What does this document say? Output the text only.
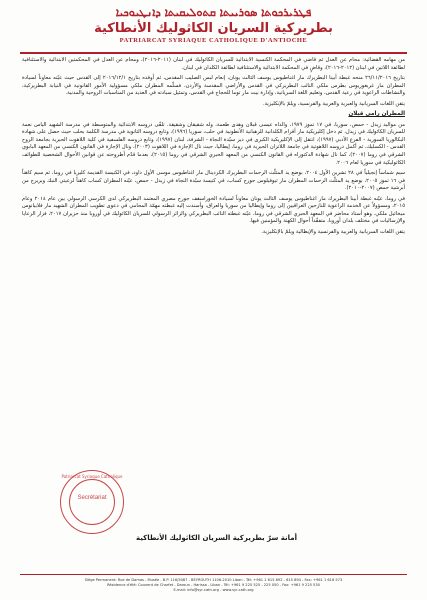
ܦܛܪܝܪܟܘܬܐ ܣܘܪܝܝܬܐ ܩܬܘܠܝܩܝܬܐ ܕܐܢܛܝܘܟܝܐ
بطريركية السريان الكاثوليك الأنطاكية
PATRIARCAT SYRIAQUE CATHOLIQUE D'ANTIOCHE

من مهامه القضائية: محام عن العدل ثم قاضي في المحكمة الكنسية الابتدائية للسريان الكاثوليك في لبنان (٢٠١١-٢٠١٦)، ومحام عن العدل في المحكمتين الابتدائية والاستئنافية لطائفة اللاتين في لبنان (٢٠١٢-٢٠١٦)، وقاضٍ في المحكمة الابتدائية والاستئنافية لطائفة الكلدان في لبنان.

بتاريخ ٢٦/١١/٢٠١٦ منحه غبطة أبينا البطريرك مار اغناطيوس يوسف الثالث يونان، إنعام لبس الصليب المقدس، ثم أوفده بتاريخ ٢٠١٦/١٢/١ إلى القدس حيث عيّنه معاوناً لسيادة المطران مار غريغوريوس بطرس ملكي النائب البطريركي في القدس والأراضي المقدسة والأردن، فسلّمه المطران ملكي مسؤولية الأمور القانونية في النيابة البطريركية، والنشاطات الراعوية في رعية القدس، وتعليم اللغة السريانية، وإدارة بيت مار توما للحجاج في القدس، وتمثيل سيادته في العديد من المناسبات الروحية والمدنية.

يتقن اللغات السريانية والعبرية والعربية والفرنسية، ويلمّ بالإنكليزية.

المطران رامي قبلان

من مواليد زيدل - حمص، سوريا، في ١٧ تموز ١٩٧٩، والداه عيسى قبلان وهدى طعمة، وله شقيقان وشقيقة. تلقّى دروسه الابتدائية والمتوسطة في مدرسة الشهيد الياس نعمة للسريان الكاثوليك في زيدل، ثم دخل إكليريكية مار أفرام الكلدانية للرهبانية الأنطونية في حلب، سوريا (١٩٩٦)، وتابع دروسه الثانوية في مدرسة الكلمة بحلب حيث حصل على شهادة البكالوريا السورية - الفرع الأدبي (١٩٩٧)، انتقل إلى الإكليريكية الكبرى في دير سيّدة النجاة - الشرفة، لبنان (١٩٩٧)، وتابع دروسه الفلسفية في كلية اللاهوت الحبرية بجامعة الروح القدس - الكسليك، ثم أكمل دروسه اللاهوتية في جامعة اللاتران الحبرية في روما، إيطاليا، حيث نال الإجازة في اللاهوت (٢٠٠٣)، ونال الإجازة في القانون الكنسي من المعهد البابوي الشرقي في روما (٢٠٠٧)، كما نال شهادة الدكتوراه في القانون الكنسي من المعهد الحبري الشرقي في روما (٢٠١٥)، بعدما قدّم أطروحته عن قوانين الأحوال الشخصية للطوائف الكاثوليكية في سوريا لعام ٢٠٠٦.

سيم شماساً إنجيلياً في ٢٨ تشرين الأول ٢٠٠٤، بوضع يد المثلّث الرحمات البطريرك الكردينال مار اغناطيوس موسى الأول داود، في الكنيسة القديمة كليريا في روما، ثم سيم كاهناً في ١٦ تموز ٢٠٠٥، بوضع يد المثلّث الرحمات المطران مار ثيوفيلوس جورج كساب، في كنيسة سيّدة النجاة في زيدل - حمص، عيّنه المطران كساب كاهناً لرعيتي النبك وبريرج من أبرشية حمص (٢٠٠٧-٢٠١٠).

في روما، عيّنه غبطة أبينا البطريرك مار اغناطيوس يوسف الثالث يونان معاوناً لسيادة الخوراسقف جورج مصري المعتمد البطريركي لدى الكرسي الرسولي بين عام ٢٠١٤ وعام ٢٠١٥، ومسؤولاً عن الخدمة الراعوية للنازحين العراقيين إلى روما وإيطاليا من سوريا والعراق، وأسندت إليه غبطته مهمّة المحامي في دعوى تطويب المطران الشهيد مار فلابيانوس ميخائيل ملكي. وهو أستاذ محاضر في المعهد الحبري الشرقي في روما، عيّنه غبطته النائب البطريركي والزائر الرسولي للسريان الكاثوليك في أوروبا منذ حزيران ٢٠١٧، فزار الرعايا والإرساليات في مختلف بلدان أوروبا، متفقّداً أحوال الكهنة والمؤمنين فيها.

يتقن اللغات السريانية والعربية والفرنسية والإيطالية ويلمّ بالإنكليزية.

Patriarcat Syriaque Catholique
Secrétariat
أمانة سرّ بطريركية السريان الكاثوليك الأنطاكية
Siège Permanent: Rue de Damas - Musée - B.P. 116/5087 - BEYROUTH 1106-2010 Liban - Tél: +961 1 615 892 - 615 894 - Fax: +961 1 616 573
Résidence d'été: Couvent de Charfet - Daroun - Harissa - Liban - Tél: +961 9 225 525 - 225 050 - Fax: +961 9 225 530
E-mail: info@syr-cath.org - www.syr-cath.org
